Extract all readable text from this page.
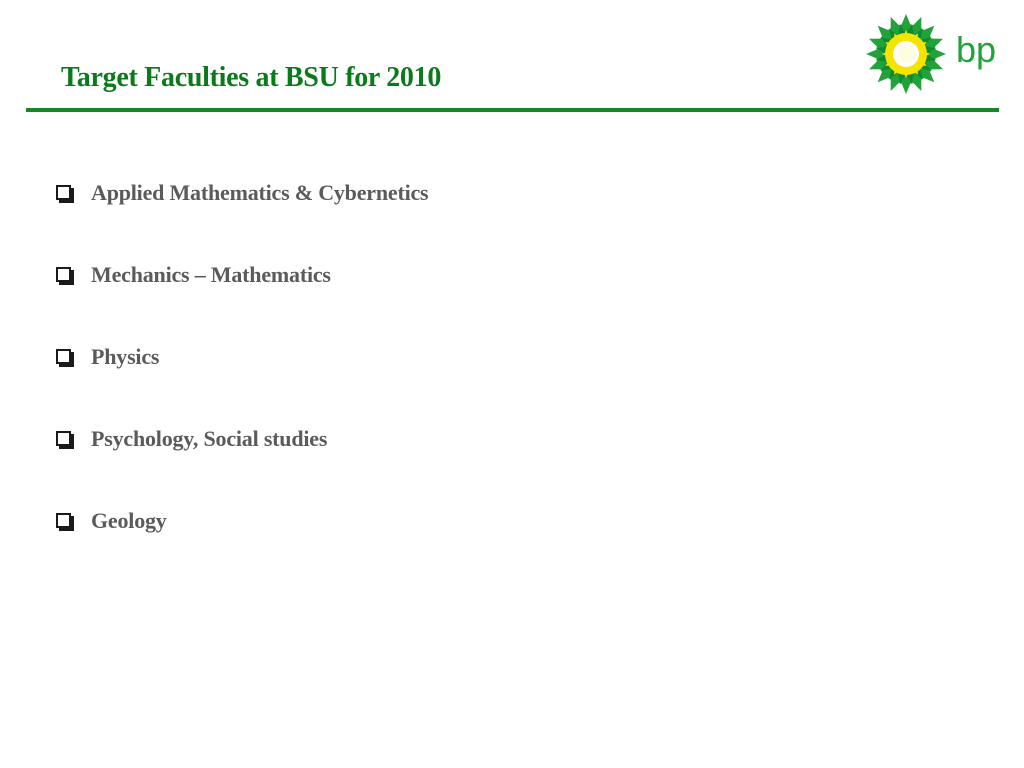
Target Faculties at BSU for 2010
bp
Applied Mathematics & Cybernetics
Mechanics – Mathematics
Physics
Psychology, Social studies
Geology
